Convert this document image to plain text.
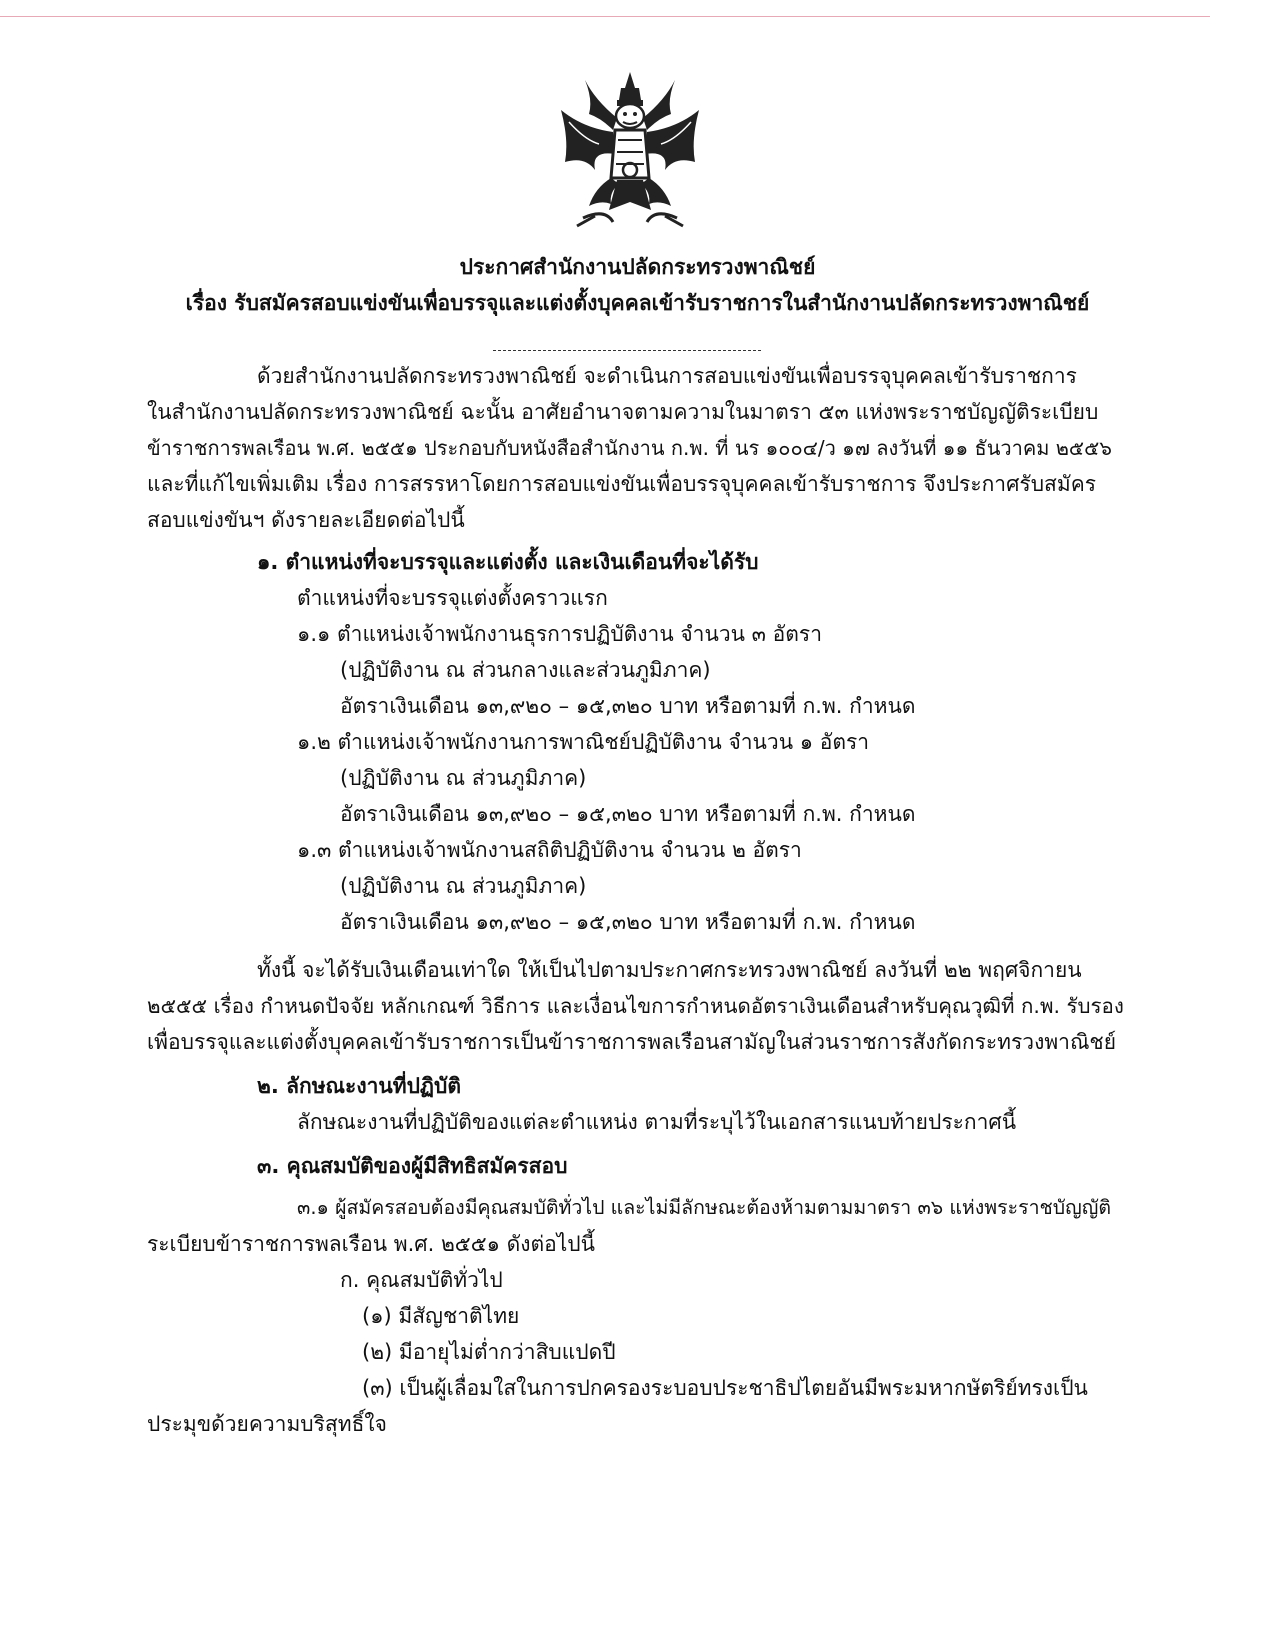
ประกาศสำนักงานปลัดกระทรวงพาณิชย์
เรื่อง รับสมัครสอบแข่งขันเพื่อบรรจุและแต่งตั้งบุคคลเข้ารับราชการในสำนักงานปลัดกระทรวงพาณิชย์
ด้วยสำนักงานปลัดกระทรวงพาณิชย์ จะดำเนินการสอบแข่งขันเพื่อบรรจุบุคคลเข้ารับราชการ
ในสำนักงานปลัดกระทรวงพาณิชย์ ฉะนั้น อาศัยอำนาจตามความในมาตรา ๕๓ แห่งพระราชบัญญัติระเบียบ
ข้าราชการพลเรือน พ.ศ. ๒๕๕๑ ประกอบกับหนังสือสำนักงาน ก.พ. ที่ นร ๑๐๐๔/ว ๑๗ ลงวันที่ ๑๑ ธันวาคม ๒๕๕๖
และที่แก้ไขเพิ่มเติม เรื่อง การสรรหาโดยการสอบแข่งขันเพื่อบรรจุบุคคลเข้ารับราชการ จึงประกาศรับสมัคร
สอบแข่งขันฯ ดังรายละเอียดต่อไปนี้
๑. ตำแหน่งที่จะบรรจุและแต่งตั้ง และเงินเดือนที่จะได้รับ
ตำแหน่งที่จะบรรจุแต่งตั้งคราวแรก
๑.๑ ตำแหน่งเจ้าพนักงานธุรการปฏิบัติงาน จำนวน ๓ อัตรา
(ปฏิบัติงาน ณ ส่วนกลางและส่วนภูมิภาค)
อัตราเงินเดือน ๑๓,๙๒๐ – ๑๕,๓๒๐ บาท หรือตามที่ ก.พ. กำหนด
๑.๒ ตำแหน่งเจ้าพนักงานการพาณิชย์ปฏิบัติงาน จำนวน ๑ อัตรา
(ปฏิบัติงาน ณ ส่วนภูมิภาค)
อัตราเงินเดือน ๑๓,๙๒๐ – ๑๕,๓๒๐ บาท หรือตามที่ ก.พ. กำหนด
๑.๓ ตำแหน่งเจ้าพนักงานสถิติปฏิบัติงาน จำนวน ๒ อัตรา
(ปฏิบัติงาน ณ ส่วนภูมิภาค)
อัตราเงินเดือน ๑๓,๙๒๐ – ๑๕,๓๒๐ บาท หรือตามที่ ก.พ. กำหนด
ทั้งนี้ จะได้รับเงินเดือนเท่าใด ให้เป็นไปตามประกาศกระทรวงพาณิชย์ ลงวันที่ ๒๒ พฤศจิกายน
๒๕๕๕ เรื่อง กำหนดปัจจัย หลักเกณฑ์ วิธีการ และเงื่อนไขการกำหนดอัตราเงินเดือนสำหรับคุณวุฒิที่ ก.พ. รับรอง
เพื่อบรรจุและแต่งตั้งบุคคลเข้ารับราชการเป็นข้าราชการพลเรือนสามัญในส่วนราชการสังกัดกระทรวงพาณิชย์
๒. ลักษณะงานที่ปฏิบัติ
ลักษณะงานที่ปฏิบัติของแต่ละตำแหน่ง ตามที่ระบุไว้ในเอกสารแนบท้ายประกาศนี้
๓. คุณสมบัติของผู้มีสิทธิสมัครสอบ
๓.๑ ผู้สมัครสอบต้องมีคุณสมบัติทั่วไป และไม่มีลักษณะต้องห้ามตามมาตรา ๓๖ แห่งพระราชบัญญัติ
ระเบียบข้าราชการพลเรือน พ.ศ. ๒๕๕๑ ดังต่อไปนี้
ก. คุณสมบัติทั่วไป
(๑) มีสัญชาติไทย
(๒) มีอายุไม่ต่ำกว่าสิบแปดปี
(๓) เป็นผู้เลื่อมใสในการปกครองระบอบประชาธิปไตยอันมีพระมหากษัตริย์ทรงเป็น
ประมุขด้วยความบริสุทธิ์ใจ
